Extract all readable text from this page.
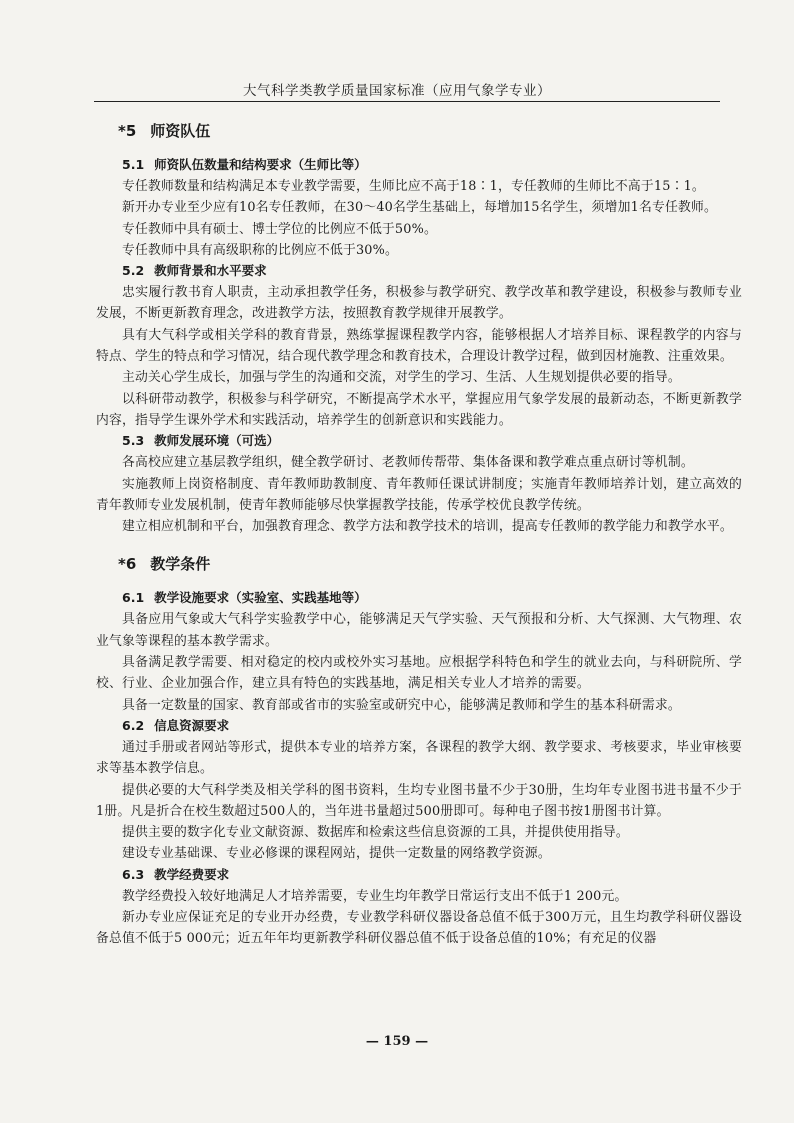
大气科学类教学质量国家标准（应用气象学专业）
*5 师资队伍
5.1 师资队伍数量和结构要求（生师比等）

专任教师数量和结构满足本专业教学需要，生师比应不高于18∶1，专任教师的生师比不高于15∶1。

新开办专业至少应有10名专任教师，在30～40名学生基础上，每增加15名学生，须增加1名专任教师。

专任教师中具有硕士、博士学位的比例应不低于50%。

专任教师中具有高级职称的比例应不低于30%。

5.2 教师背景和水平要求

忠实履行教书育人职责，主动承担教学任务，积极参与教学研究、教学改革和教学建设，积极参与教师专业发展，不断更新教育理念，改进教学方法，按照教育教学规律开展教学。

具有大气科学或相关学科的教育背景，熟练掌握课程教学内容，能够根据人才培养目标、课程教学的内容与特点、学生的特点和学习情况，结合现代教学理念和教育技术，合理设计教学过程，做到因材施教、注重效果。

主动关心学生成长，加强与学生的沟通和交流，对学生的学习、生活、人生规划提供必要的指导。

以科研带动教学，积极参与科学研究，不断提高学术水平，掌握应用气象学发展的最新动态，不断更新教学内容，指导学生课外学术和实践活动，培养学生的创新意识和实践能力。

5.3 教师发展环境（可选）

各高校应建立基层教学组织，健全教学研讨、老教师传帮带、集体备课和教学难点重点研讨等机制。

实施教师上岗资格制度、青年教师助教制度、青年教师任课试讲制度；实施青年教师培养计划，建立高效的青年教师专业发展机制，使青年教师能够尽快掌握教学技能，传承学校优良教学传统。

建立相应机制和平台，加强教育理念、教学方法和教学技术的培训，提高专任教师的教学能力和教学水平。

*6 教学条件
6.1 教学设施要求（实验室、实践基地等）

具备应用气象或大气科学实验教学中心，能够满足天气学实验、天气预报和分析、大气探测、大气物理、农业气象等课程的基本教学需求。

具备满足教学需要、相对稳定的校内或校外实习基地。应根据学科特色和学生的就业去向，与科研院所、学校、行业、企业加强合作，建立具有特色的实践基地，满足相关专业人才培养的需要。

具备一定数量的国家、教育部或省市的实验室或研究中心，能够满足教师和学生的基本科研需求。

6.2 信息资源要求

通过手册或者网站等形式，提供本专业的培养方案，各课程的教学大纲、教学要求、考核要求，毕业审核要求等基本教学信息。

提供必要的大气科学类及相关学科的图书资料，生均专业图书量不少于30册，生均年专业图书进书量不少于1册。凡是折合在校生数超过500人的，当年进书量超过500册即可。每种电子图书按1册图书计算。

提供主要的数字化专业文献资源、数据库和检索这些信息资源的工具，并提供使用指导。

建设专业基础课、专业必修课的课程网站，提供一定数量的网络教学资源。

6.3 教学经费要求

教学经费投入较好地满足人才培养需要，专业生均年教学日常运行支出不低于1 200元。

新办专业应保证充足的专业开办经费，专业教学科研仪器设备总值不低于300万元，且生均教学科研仪器设备总值不低于5 000元；近五年年均更新教学科研仪器总值不低于设备总值的10%；有充足的仪器

— 159 —
